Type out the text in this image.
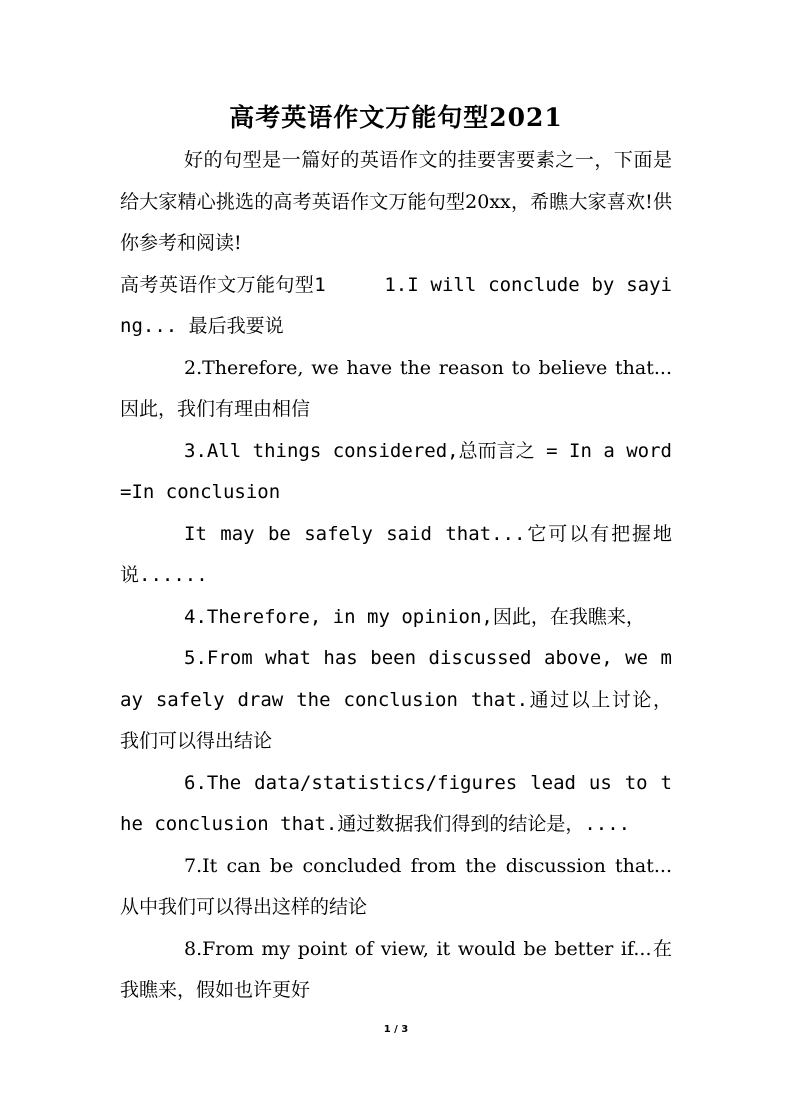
高考英语作文万能句型2021

好的句型是一篇好的英语作文的挂要害要素之一，下面是给大家精心挑选的高考英语作文万能句型20xx，希瞧大家喜欢!供你参考和阅读!

高考英语作文万能句型1　　　1.I will conclude by saying... 最后我要说

2.Therefore, we have the reason to believe that... 因此，我们有理由相信

3.All things considered,总而言之 = In a word=In conclusion

It may be safely said that...它可以有把握地说......

4.Therefore, in my opinion,因此，在我瞧来，

5.From what has been discussed above, we may safely draw the conclusion that.通过以上讨论，我们可以得出结论

6.The data/statistics/figures lead us to the conclusion that.通过数据我们得到的结论是，....

7.It can be concluded from the discussion that... 从中我们可以得出这样的结论

8.From my point of view, it would be better if...在我瞧来，假如也许更好

1 / 3
